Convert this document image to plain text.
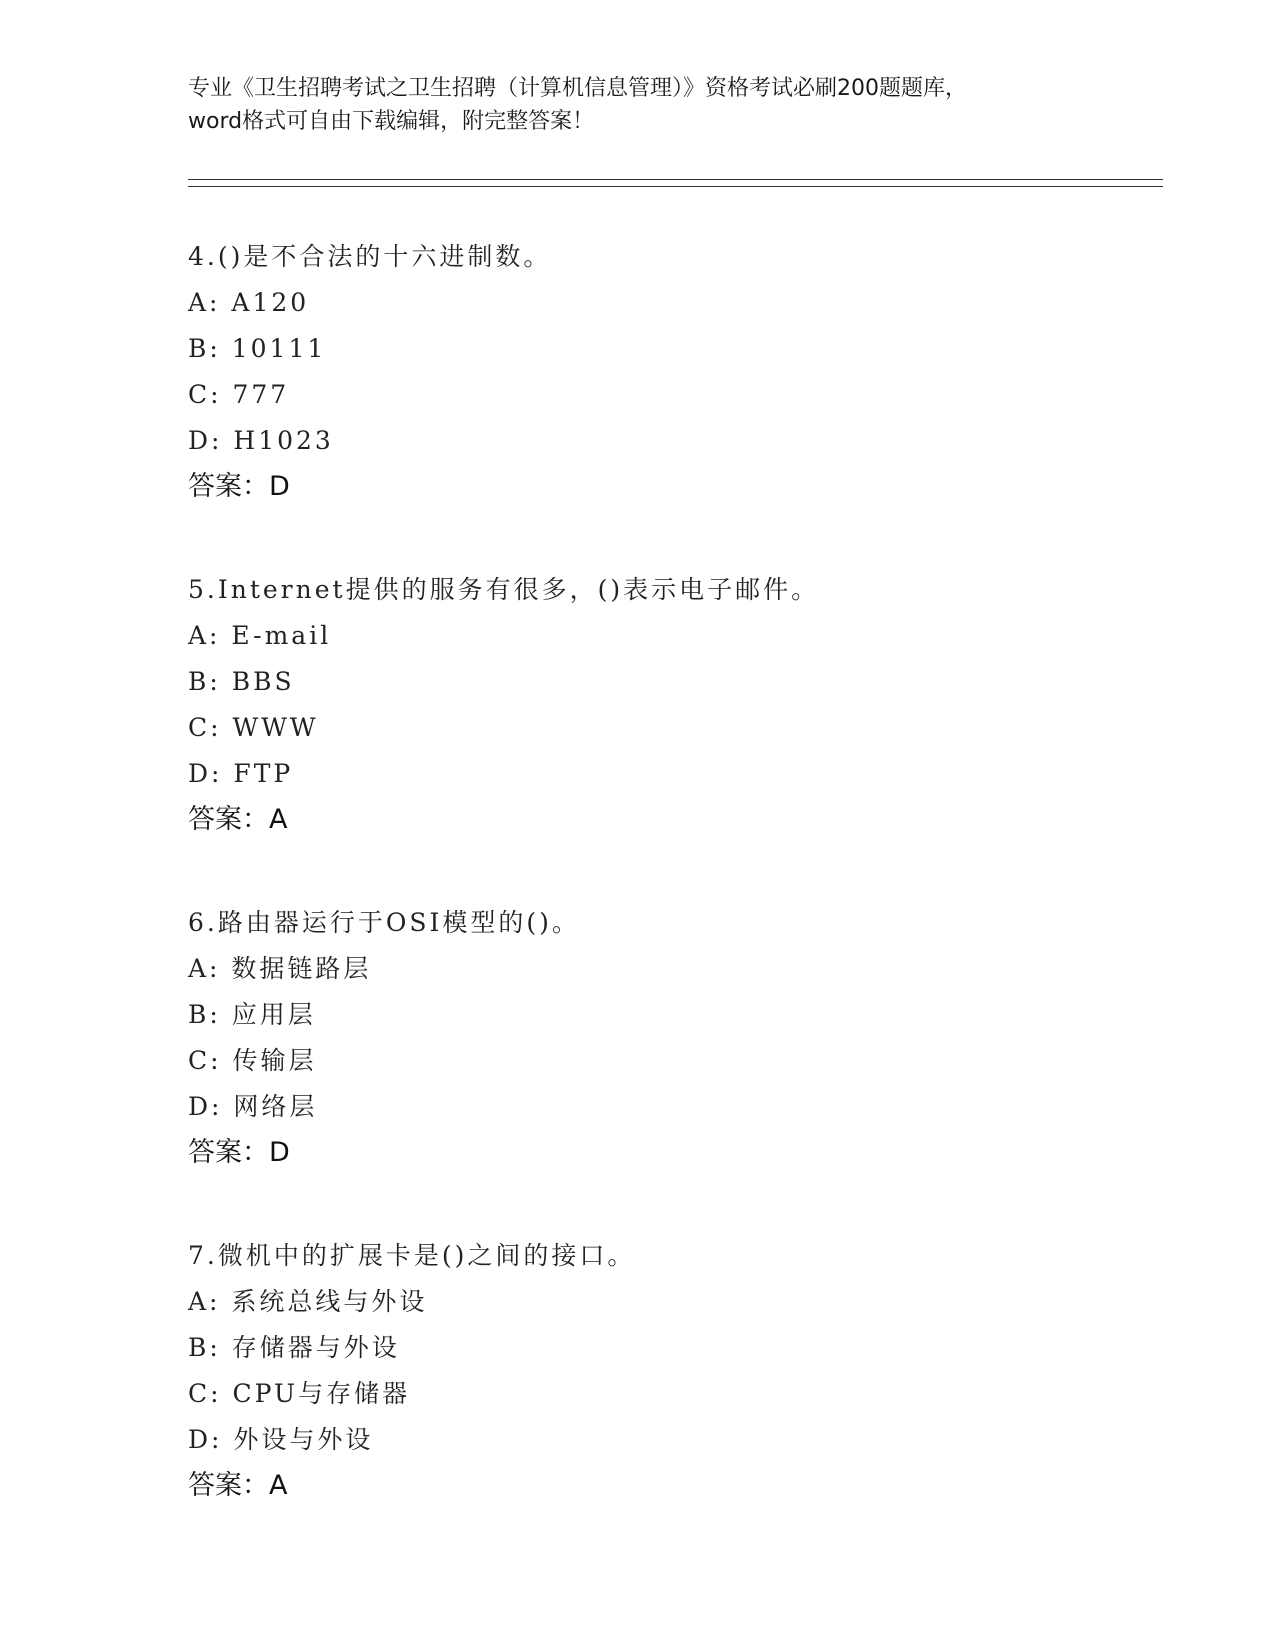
专业《卫生招聘考试之卫生招聘（计算机信息管理）》资格考试必刷200题题库，
word格式可自由下载编辑，附完整答案！
4.()是不合法的十六进制数。
A: A120
B: 10111
C: 777
D: H1023
答案：D
5.Internet提供的服务有很多，()表示电子邮件。
A: E-mail
B: BBS
C: WWW
D: FTP
答案：A
6.路由器运行于OSI模型的()。
A: 数据链路层
B: 应用层
C: 传输层
D: 网络层
答案：D
7.微机中的扩展卡是()之间的接口。
A: 系统总线与外设
B: 存储器与外设
C: CPU与存储器
D: 外设与外设
答案：A
